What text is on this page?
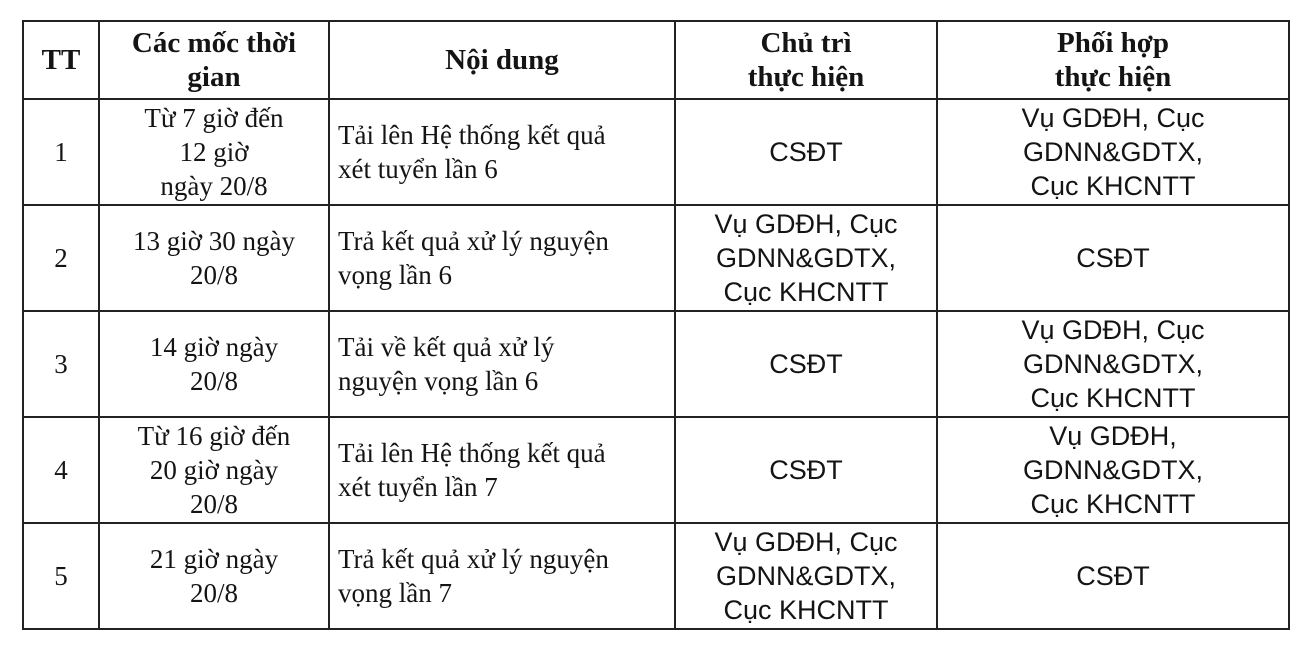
TT	Các mốc thời
gian	Nội dung	Chủ trì
thực hiện	Phối hợp
thực hiện

1	Từ 7 giờ đến
12 giờ
ngày 20/8	Tải lên Hệ thống kết quả
xét tuyển lần 6	CSĐT	Vụ GDĐH, Cục
GDNN&GDTX,
Cục KHCNTT

2	13 giờ 30 ngày
20/8	Trả kết quả xử lý nguyện
vọng lần 6	Vụ GDĐH, Cục
GDNN&GDTX,
Cục KHCNTT	CSĐT

3	14 giờ ngày
20/8	Tải về kết quả xử lý
nguyện vọng lần 6	CSĐT	Vụ GDĐH, Cục
GDNN&GDTX,
Cục KHCNTT

4	Từ 16 giờ đến
20 giờ ngày
20/8	Tải lên Hệ thống kết quả
xét tuyển lần 7	CSĐT	Vụ GDĐH,
GDNN&GDTX,
Cục KHCNTT

5	21 giờ ngày
20/8	Trả kết quả xử lý nguyện
vọng lần 7	Vụ GDĐH, Cục
GDNN&GDTX,
Cục KHCNTT	CSĐT
